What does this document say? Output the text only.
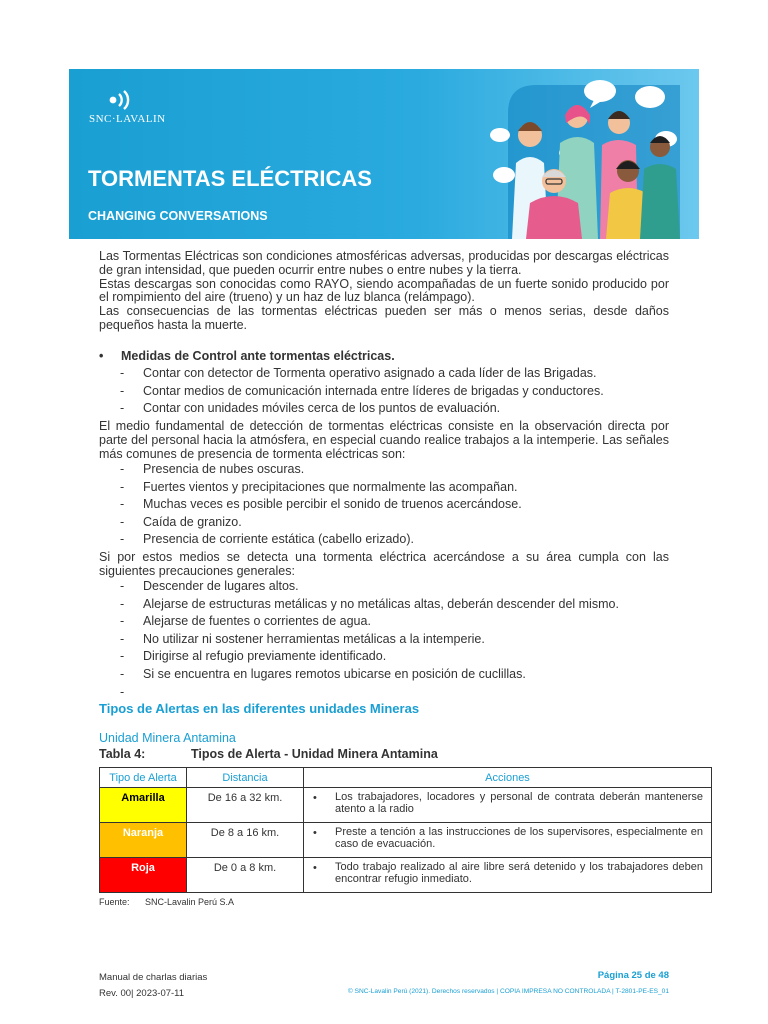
SNC·LAVALIN
TORMENTAS ELÉCTRICAS
CHANGING CONVERSATIONS
Las Tormentas Eléctricas son condiciones atmosféricas adversas, producidas por descargas eléctricas de gran intensidad, que pueden ocurrir entre nubes o entre nubes y la tierra.
Estas descargas son conocidas como RAYO, siendo acompañadas de un fuerte sonido producido por el rompimiento del aire (trueno) y un haz de luz blanca (relámpago).
Las consecuencias de las tormentas eléctricas pueden ser más o menos serias, desde daños pequeños hasta la muerte.
• Medidas de Control ante tormentas eléctricas.
- Contar con detector de Tormenta operativo asignado a cada líder de las Brigadas.
- Contar medios de comunicación internada entre líderes de brigadas y conductores.
- Contar con unidades móviles cerca de los puntos de evaluación.
El medio fundamental de detección de tormentas eléctricas consiste en la observación directa por parte del personal hacia la atmósfera, en especial cuando realice trabajos a la intemperie. Las señales más comunes de presencia de tormenta eléctricas son:
- Presencia de nubes oscuras.
- Fuertes vientos y precipitaciones que normalmente las acompañan.
- Muchas veces es posible percibir el sonido de truenos acercándose.
- Caída de granizo.
- Presencia de corriente estática (cabello erizado).
Si por estos medios se detecta una tormenta eléctrica acercándose a su área cumpla con las siguientes precauciones generales:
- Descender de lugares altos.
- Alejarse de estructuras metálicas y no metálicas altas, deberán descender del mismo.
- Alejarse de fuentes o corrientes de agua.
- No utilizar ni sostener herramientas metálicas a la intemperie.
- Dirigirse al refugio previamente identificado.
- Si se encuentra en lugares remotos ubicarse en posición de cuclillas.
-
Tipos de Alertas en las diferentes unidades Mineras
Unidad Minera Antamina
Tabla 4:	Tipos de Alerta - Unidad Minera Antamina
Tipo de Alerta	Distancia	Acciones
Amarilla	De 16 a 32 km.	• Los trabajadores, locadores y personal de contrata deberán mantenerse atento a la radio

Naranja	De 8 a 16 km.	• Preste a tención a las instrucciones de los supervisores, especialmente en caso de evacuación.

Roja	De 0 a 8 km.	• Todo trabajo realizado al aire libre será detenido y los trabajadores deben encontrar refugio inmediato.
Fuente: SNC-Lavalin Perú S.A
Manual de charlas diarias
Rev. 00| 2023-07-11
Página 25 de 48
© SNC-Lavalin Perú (2021). Derechos reservados | COPIA IMPRESA NO CONTROLADA | T-2801-PE-ES_01
